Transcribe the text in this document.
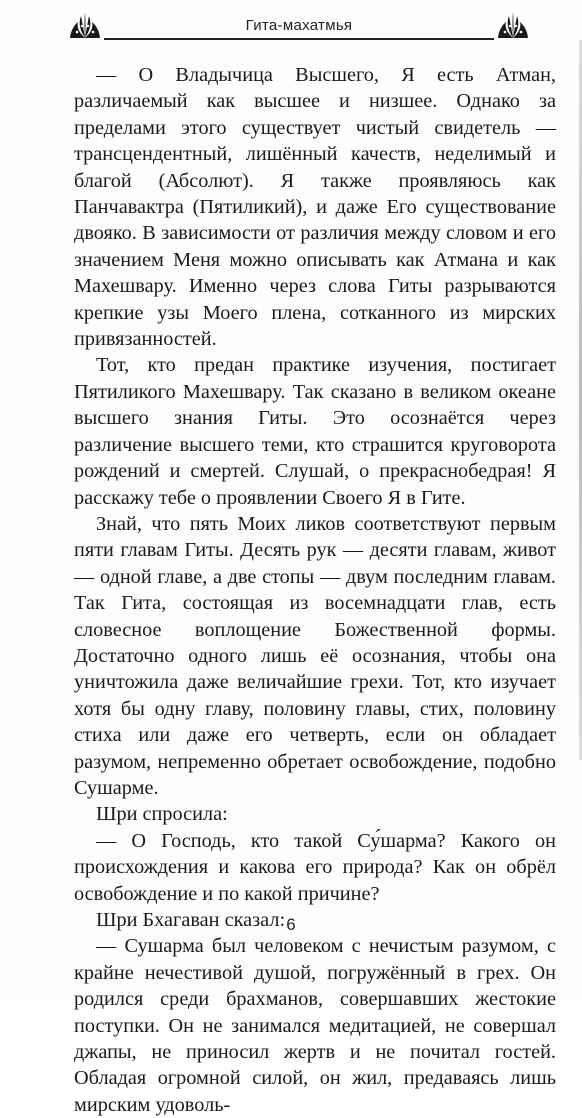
Гита-махатмья

— О Владычица Высшего, Я есть Атман, различаемый как высшее и низшее. Однако за пределами этого существует чистый свидетель — трансцендентный, лишённый качеств, неделимый и благой (Абсолют). Я также проявляюсь как Панчавактра (Пятиликий), и даже Его существование двояко. В зависимости от различия между словом и его значением Меня можно описывать как Атмана и как Махешвару. Именно через слова Гиты разрываются крепкие узы Моего плена, сотканного из мирских привязанностей.

Тот, кто предан практике изучения, постигает Пятиликого Махешвару. Так сказано в великом океане высшего знания Гиты. Это осознаётся через различение высшего теми, кто страшится круговорота рождений и смертей. Слушай, о прекраснобедрая! Я расскажу тебе о проявлении Своего Я в Гите.

Знай, что пять Моих ликов соответствуют первым пяти главам Гиты. Десять рук — десяти главам, живот — одной главе, а две стопы — двум последним главам. Так Гита, состоящая из восемнадцати глав, есть словесное воплощение Божественной формы. Достаточно одного лишь её осознания, чтобы она уничтожила даже величайшие грехи. Тот, кто изучает хотя бы одну главу, половину главы, стих, половину стиха или даже его четверть, если он обладает разумом, непременно обретает освобождение, подобно Сушарме.

Шри спросила:

— О Господь, кто такой Су́шарма? Какого он происхождения и какова его природа? Как он обрёл освобождение и по какой причине?

Шри Бхагаван сказал:

— Сушарма был человеком с нечистым разумом, с крайне нечестивой душой, погружённый в грех. Он родился среди брахманов, совершавших жестокие поступки. Он не занимался медитацией, не совершал джапы, не приносил жертв и не почитал гостей. Обладая огромной силой, он жил, предаваясь лишь мирским удоволь-

6
